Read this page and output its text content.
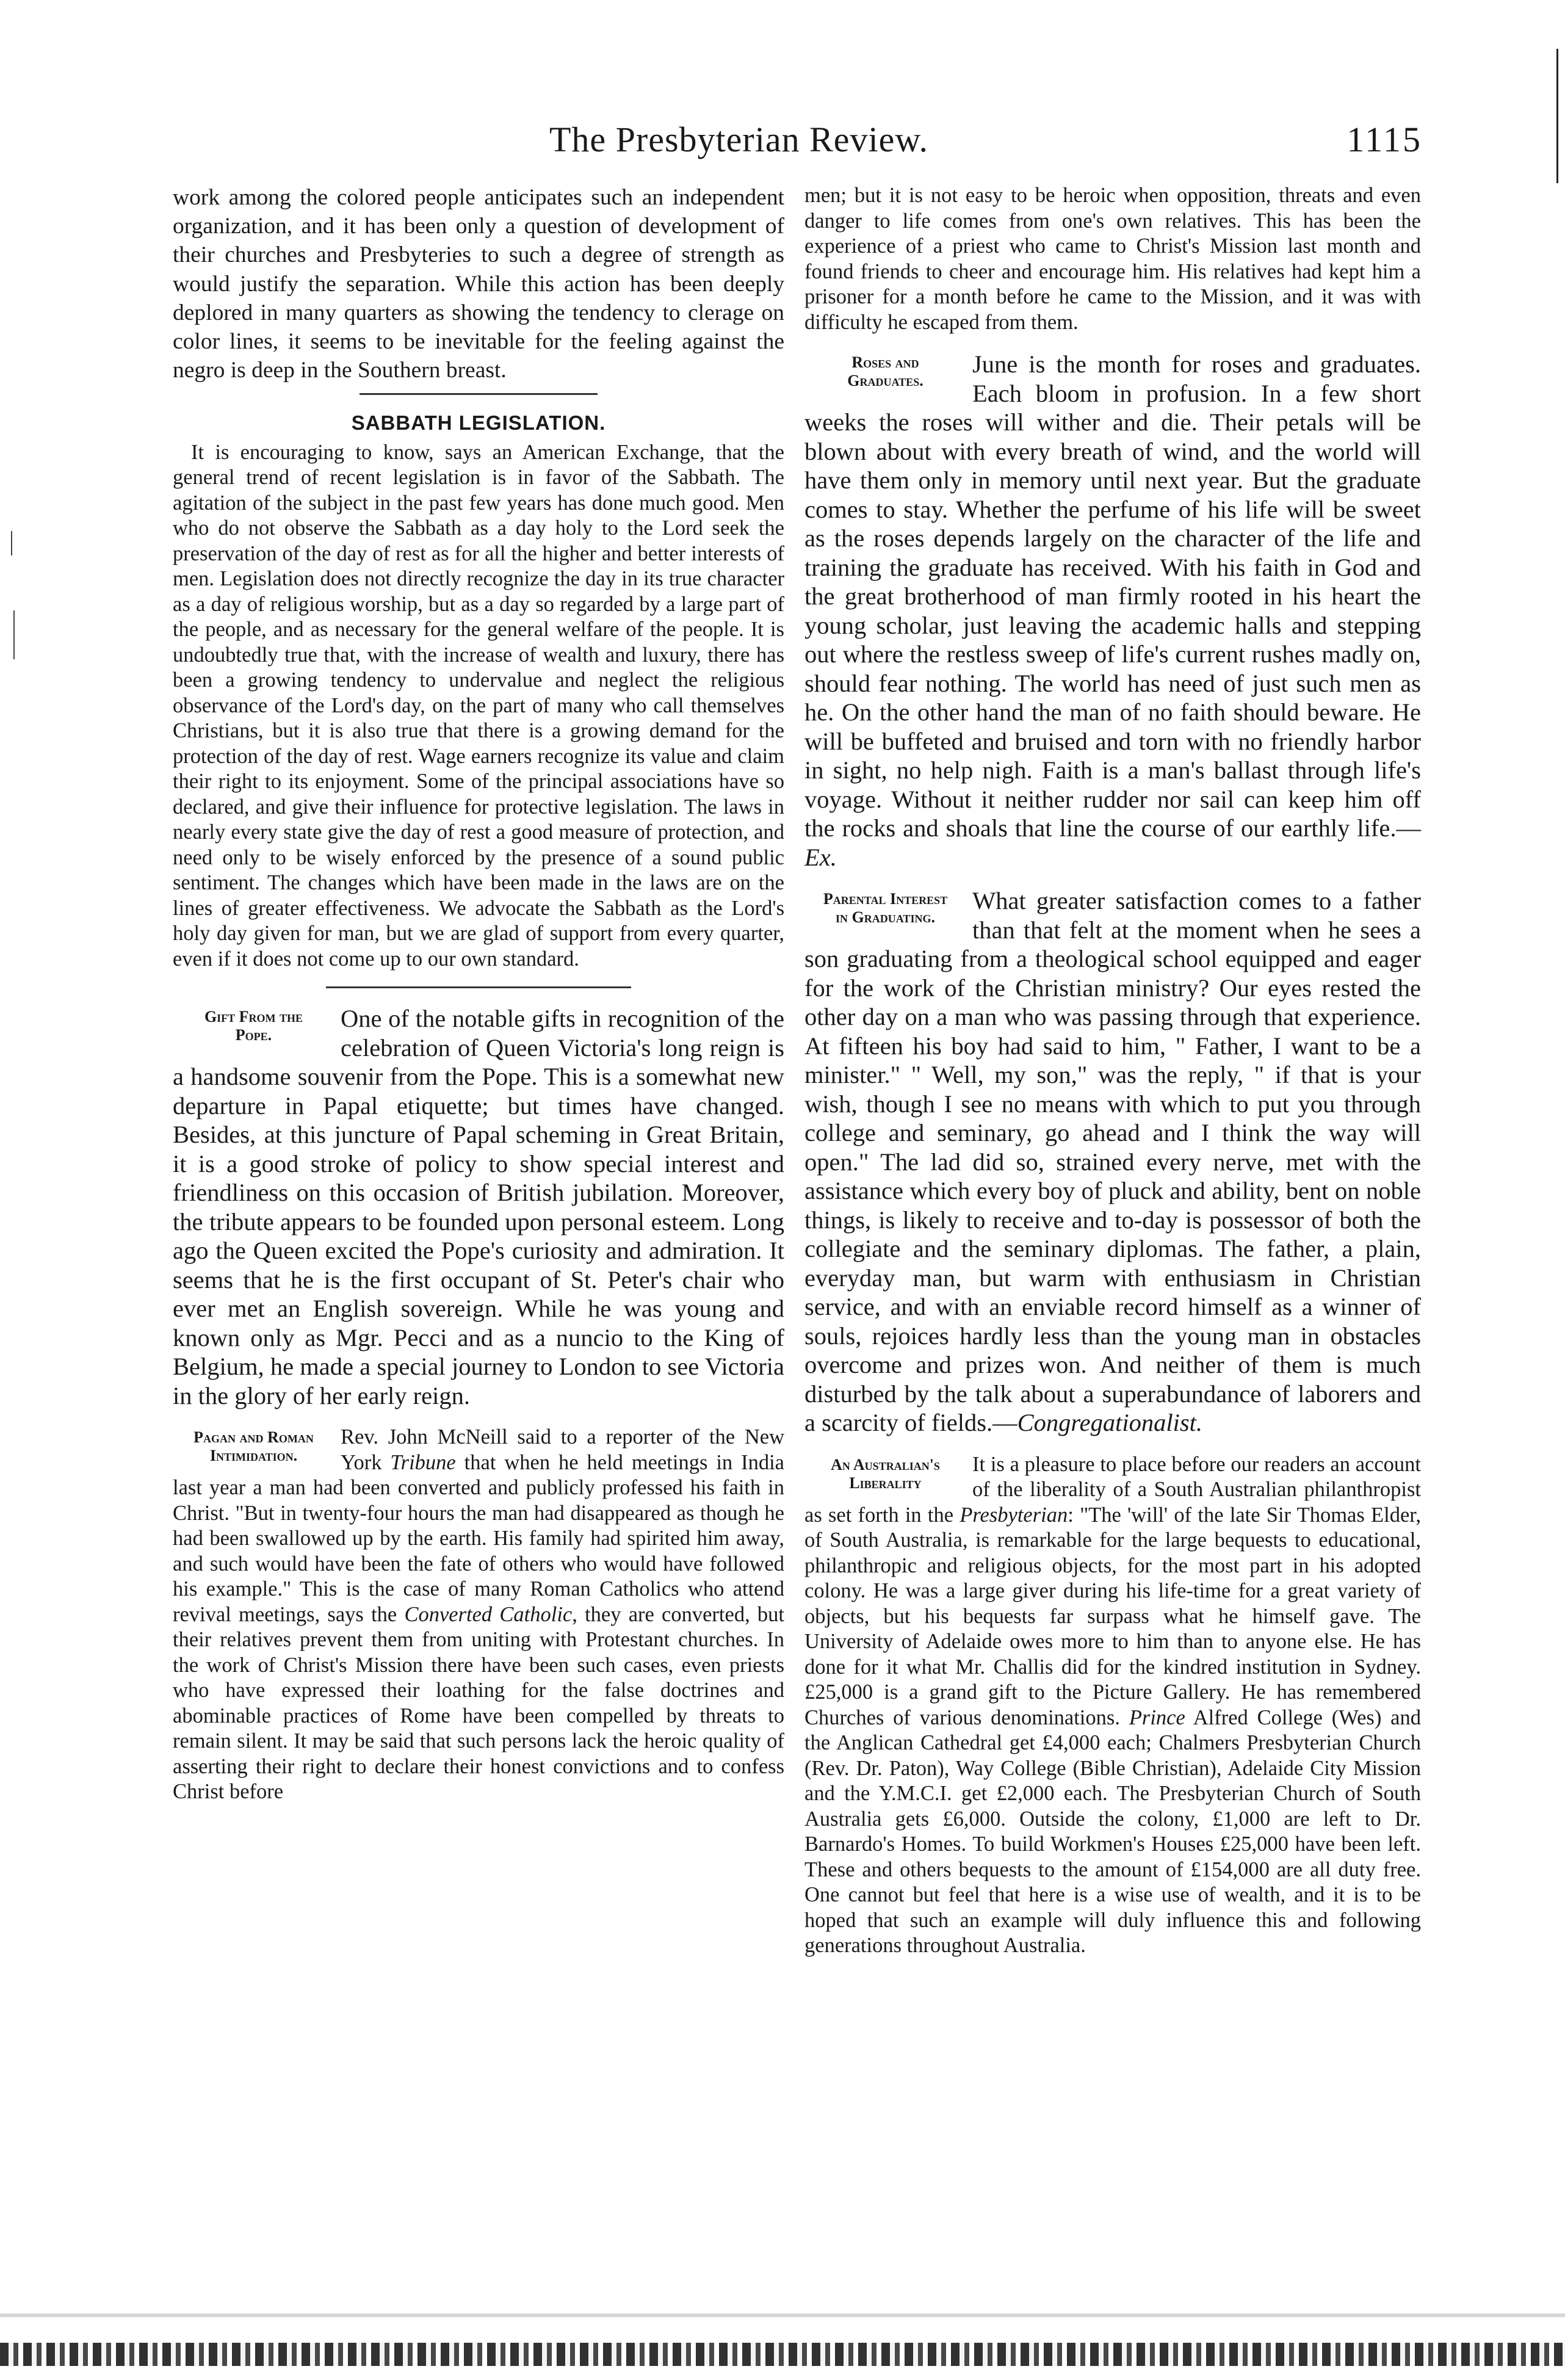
The Presbyterian Review.	1115

work among the colored people anticipates such an independent organization, and it has been only a question of development of their churches and Presbyteries to such a degree of strength as would justify the separation. While this action has been deeply deplored in many quarters as showing the tendency to clerage on color lines, it seems to be inevitable for the feeling against the negro is deep in the Southern breast.

SABBATH LEGISLATION.

It is encouraging to know, says an American Exchange, that the general trend of recent legislation is in favor of the Sabbath. The agitation of the subject in the past few years has done much good. Men who do not observe the Sabbath as a day holy to the Lord seek the preservation of the day of rest as for all the higher and better interests of men. Legislation does not directly recognize the day in its true character as a day of religious worship, but as a day so regarded by a large part of the people, and as necessary for the general welfare of the people. It is undoubtedly true that, with the increase of wealth and luxury, there has been a growing tendency to undervalue and neglect the religious observance of the Lord's day, on the part of many who call themselves Christians, but it is also true that there is a growing demand for the protection of the day of rest. Wage earners recognize its value and claim their right to its enjoyment. Some of the principal associations have so declared, and give their influence for protective legislation. The laws in nearly every state give the day of rest a good measure of protection, and need only to be wisely enforced by the presence of a sound public sentiment. The changes which have been made in the laws are on the lines of greater effectiveness. We advocate the Sabbath as the Lord's holy day given for man, but we are glad of support from every quarter, even if it does not come up to our own standard.

Gift From the
Pope.
One of the notable gifts in recognition of the celebration of Queen Victoria's long reign is a handsome souvenir from the Pope. This is a somewhat new departure in Papal etiquette; but times have changed. Besides, at this juncture of Papal scheming in Great Britain, it is a good stroke of policy to show special interest and friendliness on this occasion of British jubilation. Moreover, the tribute appears to be founded upon personal esteem. Long ago the Queen excited the Pope's curiosity and admiration. It seems that he is the first occupant of St. Peter's chair who ever met an English sovereign. While he was young and known only as Mgr. Pecci and as a nuncio to the King of Belgium, he made a special journey to London to see Victoria in the glory of her early reign.

Pagan and Roman
Intimidation.
Rev. John McNeill said to a reporter of the New York Tribune that when he held meetings in India last year a man had been converted and publicly professed his faith in Christ. "But in twenty-four hours the man had disappeared as though he had been swallowed up by the earth. His family had spirited him away, and such would have been the fate of others who would have followed his example." This is the case of many Roman Catholics who attend revival meetings, says the Converted Catholic, they are converted, but their relatives prevent them from uniting with Protestant churches. In the work of Christ's Mission there have been such cases, even priests who have expressed their loathing for the false doctrines and abominable practices of Rome have been compelled by threats to remain silent. It may be said that such persons lack the heroic quality of asserting their right to declare their honest convictions and to confess Christ before

men; but it is not easy to be heroic when opposition, threats and even danger to life comes from one's own relatives. This has been the experience of a priest who came to Christ's Mission last month and found friends to cheer and encourage him. His relatives had kept him a prisoner for a month before he came to the Mission, and it was with difficulty he escaped from them.

Roses and
Graduates.
June is the month for roses and graduates. Each bloom in profusion. In a few short weeks the roses will wither and die. Their petals will be blown about with every breath of wind, and the world will have them only in memory until next year. But the graduate comes to stay. Whether the perfume of his life will be sweet as the roses depends largely on the character of the life and training the graduate has received. With his faith in God and the great brotherhood of man firmly rooted in his heart the young scholar, just leaving the academic halls and stepping out where the restless sweep of life's current rushes madly on, should fear nothing. The world has need of just such men as he. On the other hand the man of no faith should beware. He will be buffeted and bruised and torn with no friendly harbor in sight, no help nigh. Faith is a man's ballast through life's voyage. Without it neither rudder nor sail can keep him off the rocks and shoals that line the course of our earthly life.—Ex.

Parental Interest
in Graduating.
What greater satisfaction comes to a father than that felt at the moment when he sees a son graduating from a theological school equipped and eager for the work of the Christian ministry? Our eyes rested the other day on a man who was passing through that experience. At fifteen his boy had said to him, " Father, I want to be a minister." " Well, my son," was the reply, " if that is your wish, though I see no means with which to put you through college and seminary, go ahead and I think the way will open." The lad did so, strained every nerve, met with the assistance which every boy of pluck and ability, bent on noble things, is likely to receive and to-day is possessor of both the collegiate and the seminary diplomas. The father, a plain, everyday man, but warm with enthusiasm in Christian service, and with an enviable record himself as a winner of souls, rejoices hardly less than the young man in obstacles overcome and prizes won. And neither of them is much disturbed by the talk about a superabundance of laborers and a scarcity of fields.—Congregationalist.

An Australian's
Liberality
It is a pleasure to place before our readers an account of the liberality of a South Australian philanthropist as set forth in the Presbyterian: "The 'will' of the late Sir Thomas Elder, of South Australia, is remarkable for the large bequests to educational, philanthropic and religious objects, for the most part in his adopted colony. He was a large giver during his life-time for a great variety of objects, but his bequests far surpass what he himself gave. The University of Adelaide owes more to him than to anyone else. He has done for it what Mr. Challis did for the kindred institution in Sydney. £25,000 is a grand gift to the Picture Gallery. He has remembered Churches of various denominations. Prince Alfred College (Wes) and the Anglican Cathedral get £4,000 each; Chalmers Presbyterian Church (Rev. Dr. Paton), Way College (Bible Christian), Adelaide City Mission and the Y.M.C.I. get £2,000 each. The Presbyterian Church of South Australia gets £6,000. Outside the colony, £1,000 are left to Dr. Barnardo's Homes. To build Workmen's Houses £25,000 have been left. These and others bequests to the amount of £154,000 are all duty free. One cannot but feel that here is a wise use of wealth, and it is to be hoped that such an example will duly influence this and following generations throughout Australia.
